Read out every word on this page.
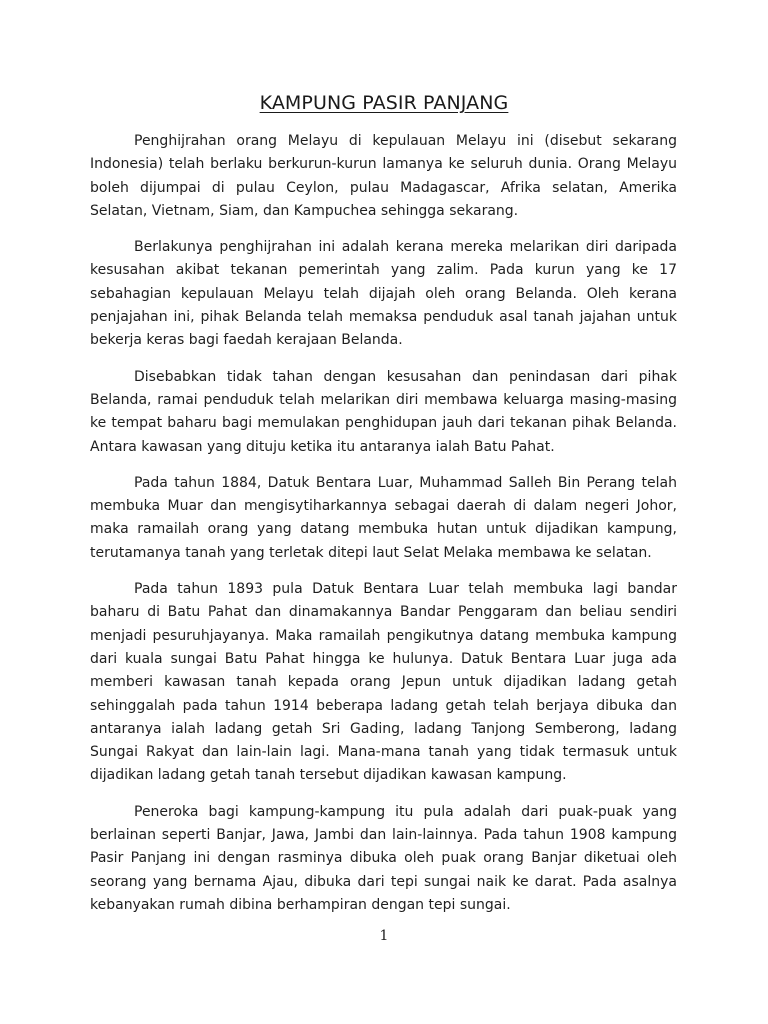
KAMPUNG PASIR PANJANG

Penghijrahan orang Melayu di kepulauan Melayu ini (disebut sekarang Indonesia) telah berlaku berkurun-kurun lamanya ke seluruh dunia. Orang Melayu boleh dijumpai di pulau Ceylon, pulau Madagascar, Afrika selatan, Amerika Selatan, Vietnam, Siam, dan Kampuchea sehingga sekarang.

Berlakunya penghijrahan ini adalah kerana mereka melarikan diri daripada kesusahan akibat tekanan pemerintah yang zalim. Pada kurun yang ke 17 sebahagian kepulauan Melayu telah dijajah oleh orang Belanda. Oleh kerana penjajahan ini, pihak Belanda telah memaksa penduduk asal tanah jajahan untuk bekerja keras bagi faedah kerajaan Belanda.

Disebabkan tidak tahan dengan kesusahan dan penindasan dari pihak Belanda, ramai penduduk telah melarikan diri membawa keluarga masing-masing ke tempat baharu bagi memulakan penghidupan jauh dari tekanan pihak Belanda. Antara kawasan yang dituju ketika itu antaranya ialah Batu Pahat.

Pada tahun 1884, Datuk Bentara Luar, Muhammad Salleh Bin Perang telah membuka Muar dan mengisytiharkannya sebagai daerah di dalam negeri Johor, maka ramailah orang yang datang membuka hutan untuk dijadikan kampung, terutamanya tanah yang terletak ditepi laut Selat Melaka membawa ke selatan.

Pada tahun 1893 pula Datuk Bentara Luar telah membuka lagi bandar baharu di Batu Pahat dan dinamakannya Bandar Penggaram dan beliau sendiri menjadi pesuruhjayanya. Maka ramailah pengikutnya datang membuka kampung dari kuala sungai Batu Pahat hingga ke hulunya. Datuk Bentara Luar juga ada memberi kawasan tanah kepada orang Jepun untuk dijadikan ladang getah sehinggalah pada tahun 1914 beberapa ladang getah telah berjaya dibuka dan antaranya ialah ladang getah Sri Gading, ladang Tanjong Semberong, ladang Sungai Rakyat dan lain-lain lagi. Mana-mana tanah yang tidak termasuk untuk dijadikan ladang getah tanah tersebut dijadikan kawasan kampung.

Peneroka bagi kampung-kampung itu pula adalah dari puak-puak yang berlainan seperti Banjar, Jawa, Jambi dan lain-lainnya. Pada tahun 1908 kampung Pasir Panjang ini dengan rasminya dibuka oleh puak orang Banjar diketuai oleh seorang yang bernama Ajau, dibuka dari tepi sungai naik ke darat. Pada asalnya kebanyakan rumah dibina berhampiran dengan tepi sungai.

1
